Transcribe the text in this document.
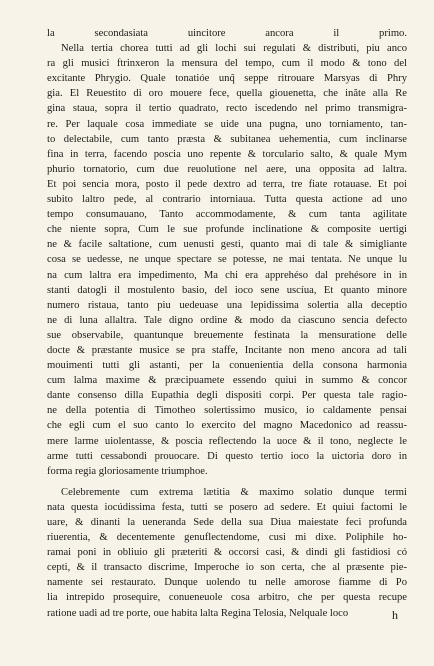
la secondasiata uincitore ancora il primo.
Nella tertia chorea tutti ad gli lochi sui regulati & distributi, piu anco
ra gli musici ftrinxeron la mensura del tempo, cum il modo & tono del
excitante Phrygio. Quale tonatióe unq̃ seppe ritrouare Marsyas di Phry
gia. El Reuestito di oro mouere fece, quella giouenetta, che inăte alla Re
gina staua, sopra il tertio quadrato, recto iscedendo nel primo transmigra-
re. Per laquale cosa immediate se uide una pugna, uno torniamento, tan-
to delectabile, cum tanto præsta & subitanea uehementia, cum inclinarse
fina in terra, facendo poscia uno repente & torculario salto, & quale Mym
phurio tornatorio, cum due reuolutione nel aere, una opposita ad laltra.
Et poi sencia mora, posto il pede dextro ad terra, tre fiate rotauase. Et poi
subito laltro pede, al contrario intorniaua. Tutta questa actione ad uno
tempo consumauano, Tanto accommodamente, & cum tanta agilitate
che niente sopra, Cum le sue profunde inclinatione & composite uertigi
ne & facile saltatione, cum uenusti gesti, quanto mai di tale & simigliante
cosa se uedesse, ne unque spectare se potesse, ne mai tentata. Ne unque lu
na cum laltra era impedimento, Ma chi era apprehéso dal prehésore in in
stanti datogli il mostulento basio, del ioco sene uscíua, Et quanto minore
numero ristaua, tanto piu uedeuase una lepidissima solertia alla deceptio
ne di luna allaltra. Tale digno ordine & modo da ciascuno sencia defecto
sue observabile, quantunque breuemente festinata la mensuratione delle
docte & præstante musice se pra staffe, Incitante non meno ancora ad tali
mouimenti tutti gli astanti, per la conuenientia della consona harmonia
cum lalma maxime & præcipuamete essendo quiui in summo & concor
dante consenso dilla Eupathia degli dispositi corpi. Per questa tale ragio-
ne della potentia di Timotheo solertissimo musico, io caldamente pensai
che egli cum el suo canto lo exercito del magno Macedonico ad reassu-
mere larme uiolentasse, & poscia reflectendo la uoce & il tono, neglecte le
arme tutti cessabondi prouocare. Di questo tertio ioco la uictoria doro in
forma regia gloriosamente triumphoe.
Celebremente cum extrema lætitia & maximo solatio dunque termi
nata questa iocúdissima festa, tutti se posero ad sedere. Et quiui factomi le
uare, & dinanti la ueneranda Sede della sua Diua maiestate feci profunda
riuerentia, & decentemente genuflectendome, cusi mi dixe. Poliphile ho-
ramai poni in obliuio gli præteriti & occorsi casi, & dindi gli fastidiosi có
cepti, & il transacto discrime, Imperoche io son certa, che al præsente pie-
namente sei restaurato. Dunque uolendo tu nelle amorose fiamme di Po
lia intrepido prosequire, conueneuole cosa arbitro, che per questa recupe
ratione uadi ad tre porte, oue habita lalta Regina Telosia, Nelquale loco	h
